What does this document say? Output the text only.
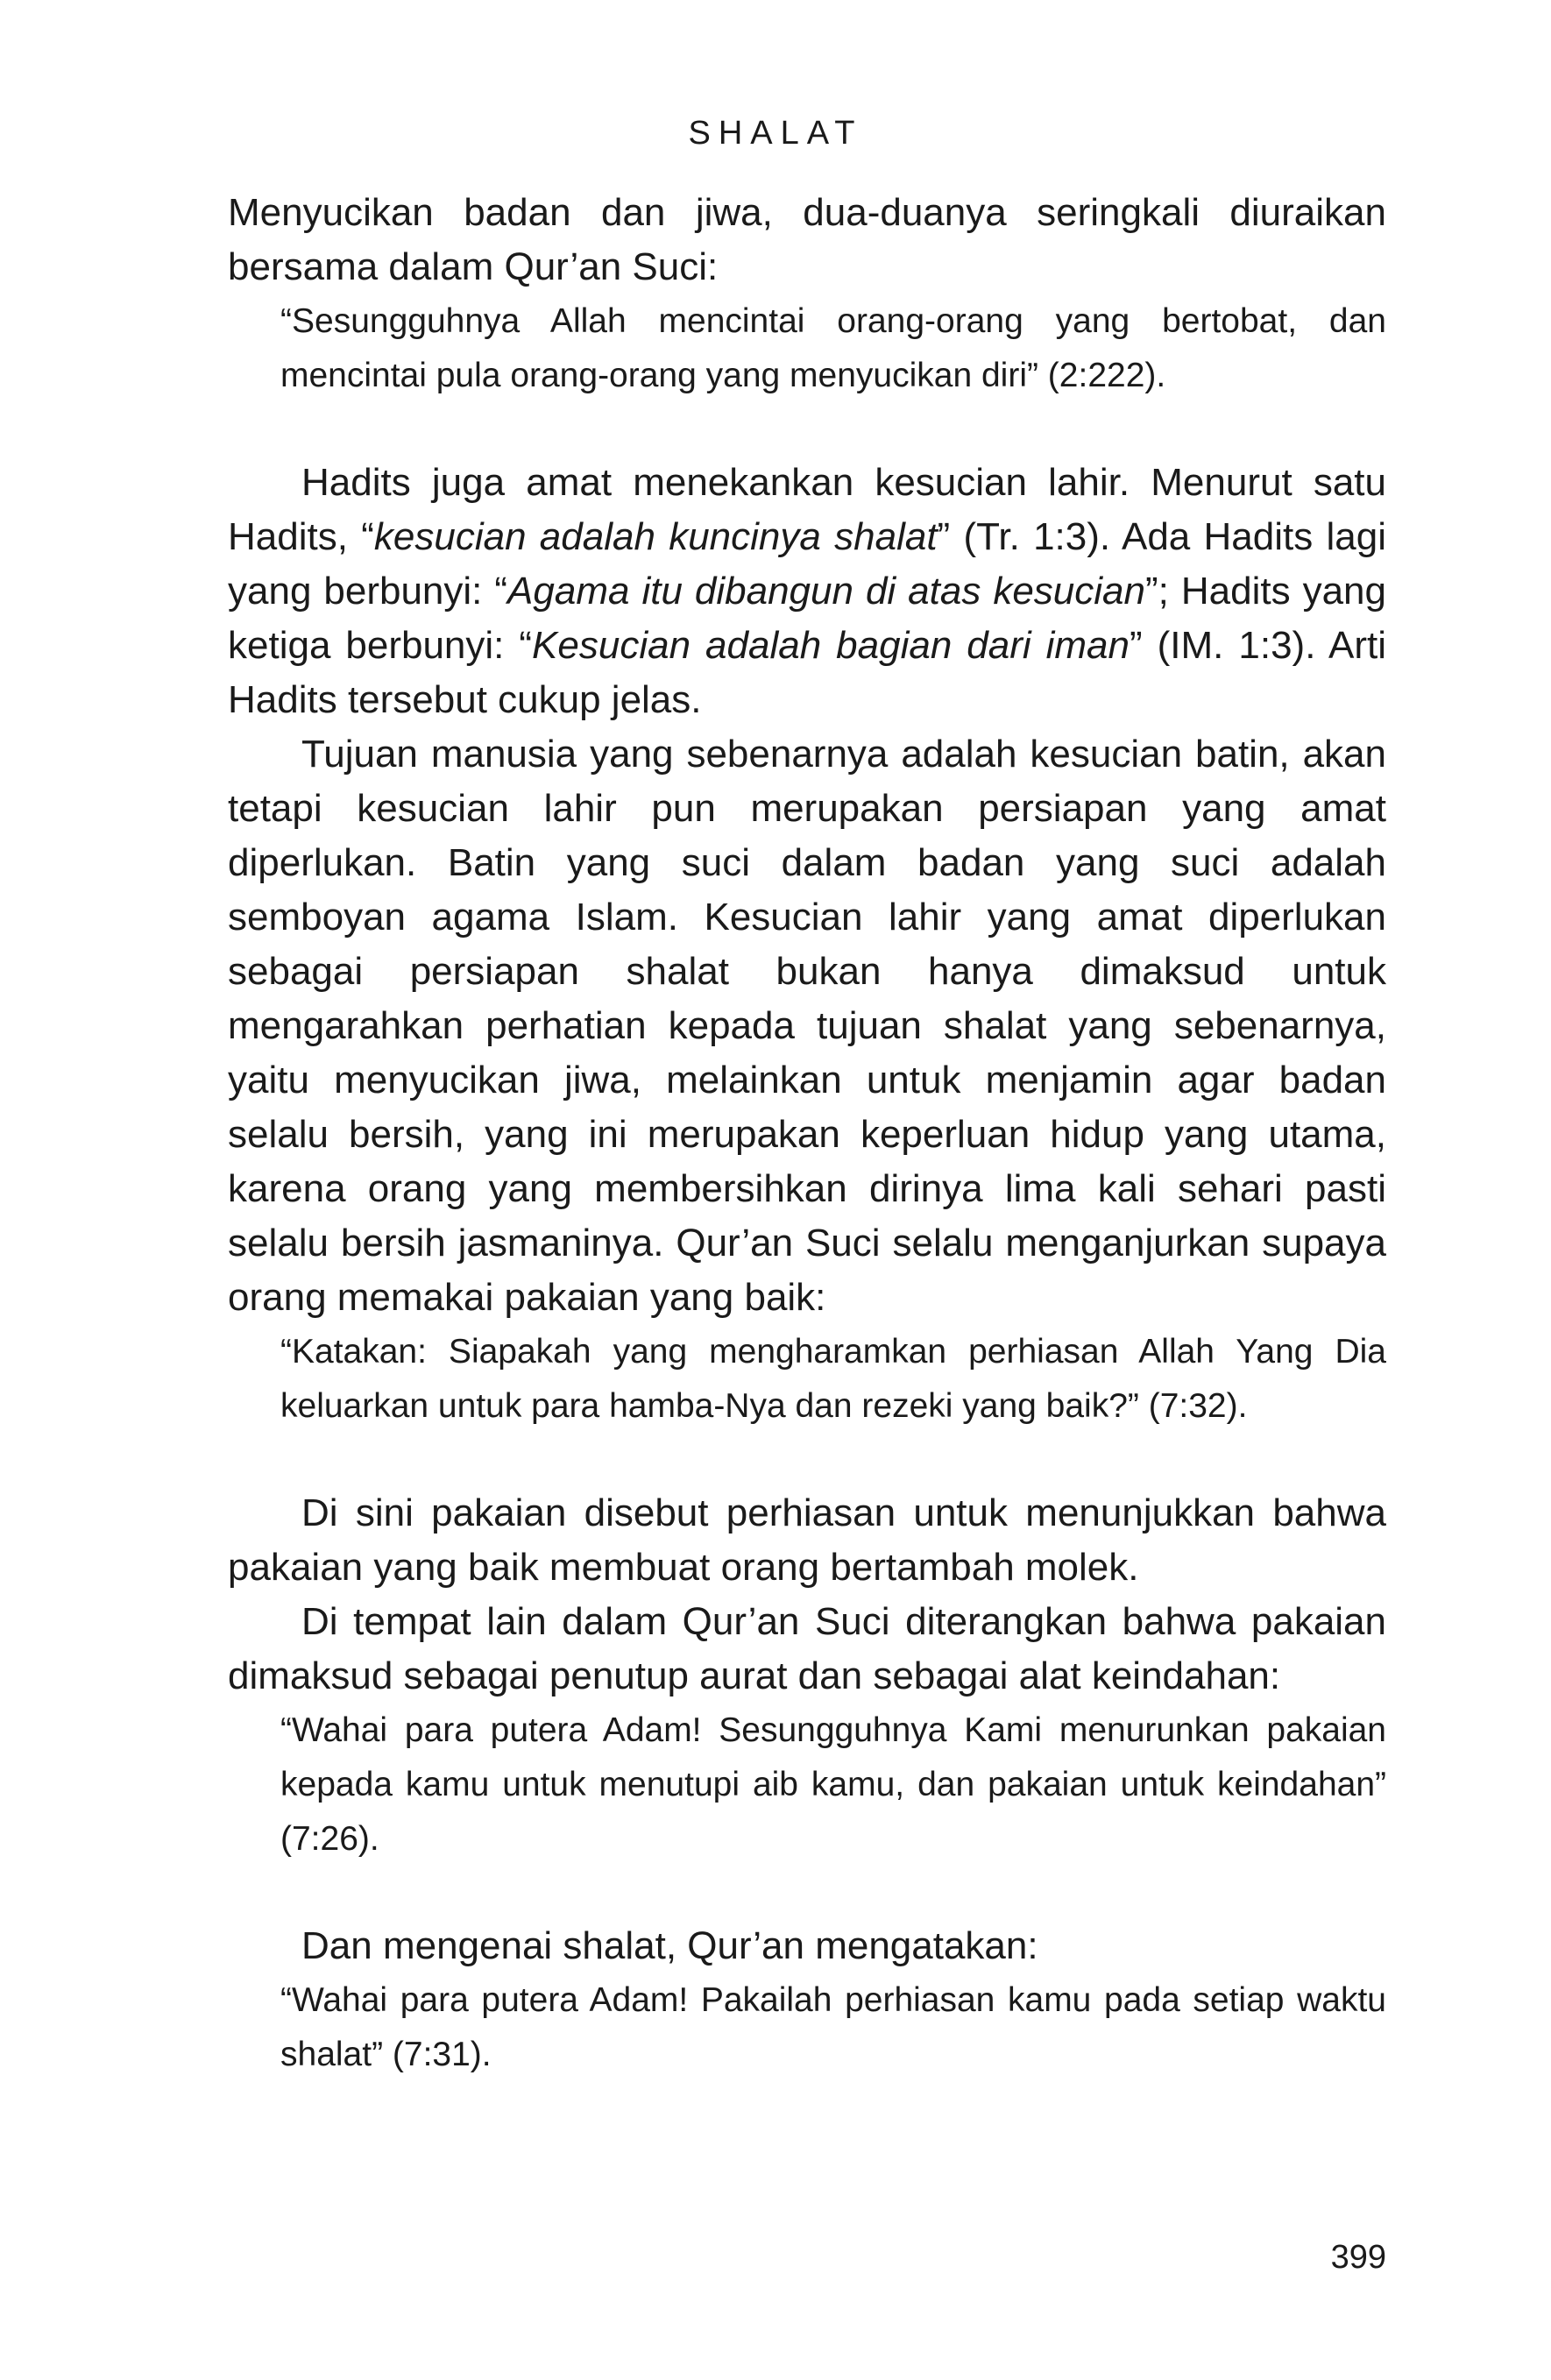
SHALAT

Menyucikan badan dan jiwa, dua-duanya seringkali diuraikan bersama dalam Qur’an Suci:

“Sesungguhnya Allah mencintai orang-orang yang bertobat, dan mencintai pula orang-orang yang menyucikan diri” (2:222).

Hadits juga amat menekankan kesucian lahir. Menurut satu Hadits, “kesucian adalah kuncinya shalat” (Tr. 1:3). Ada Hadits lagi yang berbunyi: “Agama itu dibangun di atas kesucian”; Hadits yang ketiga berbunyi: “Kesucian adalah bagian dari iman” (IM. 1:3). Arti Hadits tersebut cukup jelas.

Tujuan manusia yang sebenarnya adalah kesucian batin, akan tetapi kesucian lahir pun merupakan persiapan yang amat diperlukan. Batin yang suci dalam badan yang suci adalah semboyan agama Islam. Kesucian lahir yang amat diperlukan sebagai persiapan shalat bukan hanya dimaksud untuk mengarahkan perhatian kepada tujuan shalat yang sebenarnya, yaitu menyucikan jiwa, melainkan untuk menjamin agar badan selalu bersih, yang ini merupakan keperluan hidup yang utama, karena orang yang membersihkan dirinya lima kali sehari pasti selalu bersih jasmaninya. Qur’an Suci selalu menganjurkan supaya orang memakai pakaian yang baik:

“Katakan: Siapakah yang mengharamkan perhiasan Allah Yang Dia keluarkan untuk para hamba-Nya dan rezeki yang baik?” (7:32).

Di sini pakaian disebut perhiasan untuk menunjukkan bahwa pakaian yang baik membuat orang bertambah molek.

Di tempat lain dalam Qur’an Suci diterangkan bahwa pakaian dimaksud sebagai penutup aurat dan sebagai alat keindahan:

“Wahai para putera Adam! Sesungguhnya Kami menurunkan pakaian kepada kamu untuk menutupi aib kamu, dan pakaian untuk keindahan” (7:26).

Dan mengenai shalat, Qur’an mengatakan:

“Wahai para putera Adam! Pakailah perhiasan kamu pada setiap waktu shalat” (7:31).

399
